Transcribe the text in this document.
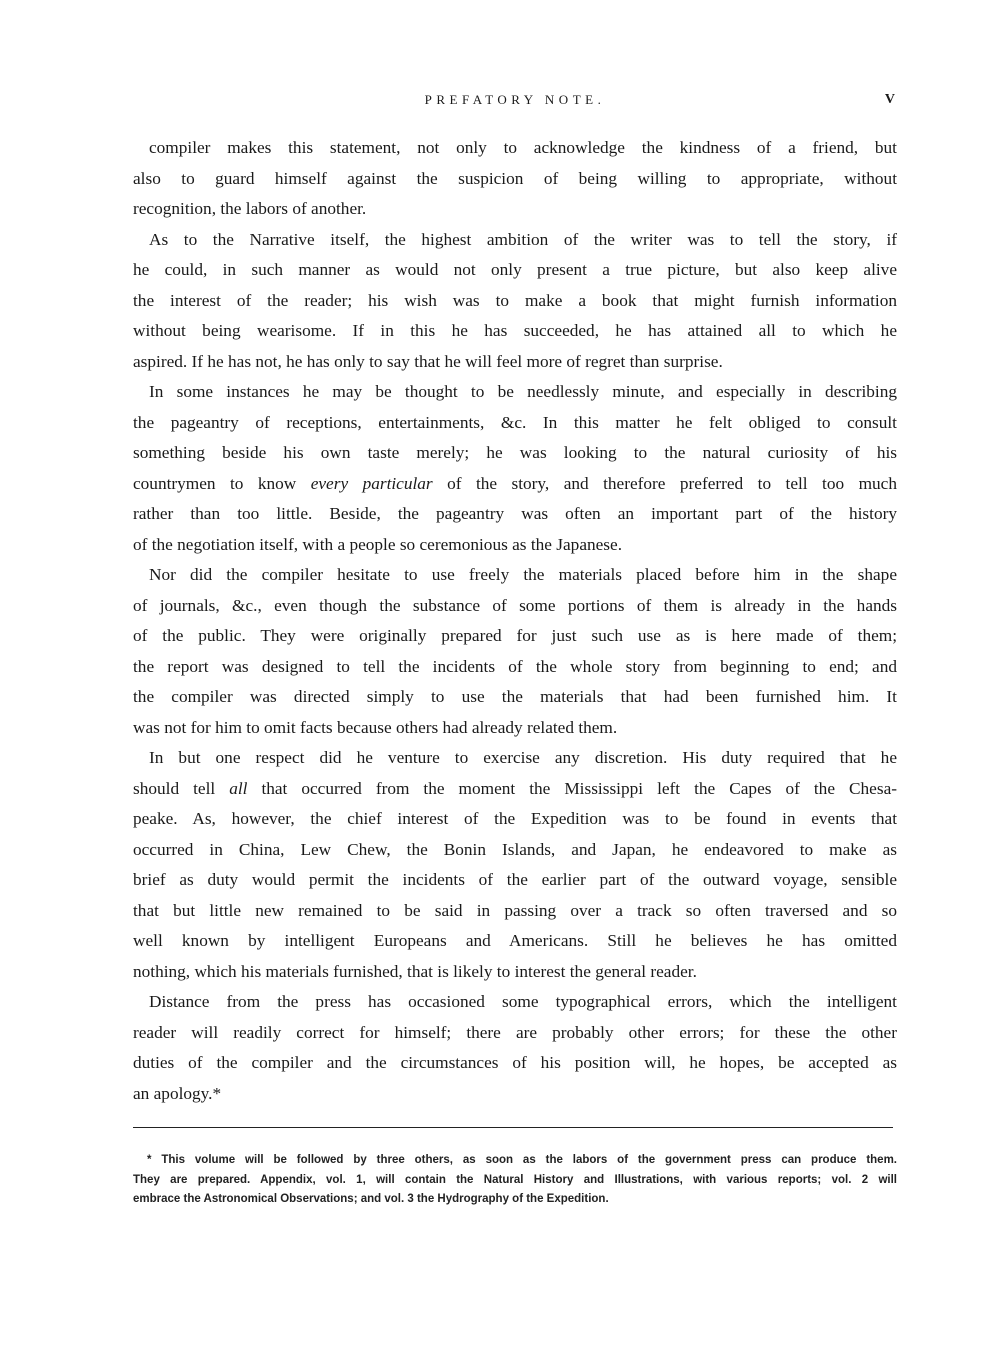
PREFATORY NOTE.	V
compiler makes this statement, not only to acknowledge the kindness of a friend, but
also to guard himself against the suspicion of being willing to appropriate, without
recognition, the labors of another.
As to the Narrative itself, the highest ambition of the writer was to tell the story, if
he could, in such manner as would not only present a true picture, but also keep alive
the interest of the reader; his wish was to make a book that might furnish information
without being wearisome. If in this he has succeeded, he has attained all to which he
aspired. If he has not, he has only to say that he will feel more of regret than surprise.
In some instances he may be thought to be needlessly minute, and especially in describing
the pageantry of receptions, entertainments, &c. In this matter he felt obliged to consult
something beside his own taste merely; he was looking to the natural curiosity of his
countrymen to know every particular of the story, and therefore preferred to tell too much
rather than too little. Beside, the pageantry was often an important part of the history
of the negotiation itself, with a people so ceremonious as the Japanese.
Nor did the compiler hesitate to use freely the materials placed before him in the shape
of journals, &c., even though the substance of some portions of them is already in the hands
of the public. They were originally prepared for just such use as is here made of them;
the report was designed to tell the incidents of the whole story from beginning to end; and
the compiler was directed simply to use the materials that had been furnished him. It
was not for him to omit facts because others had already related them.
In but one respect did he venture to exercise any discretion. His duty required that he
should tell all that occurred from the moment the Mississippi left the Capes of the Chesa-
peake. As, however, the chief interest of the Expedition was to be found in events that
occurred in China, Lew Chew, the Bonin Islands, and Japan, he endeavored to make as
brief as duty would permit the incidents of the earlier part of the outward voyage, sensible
that but little new remained to be said in passing over a track so often traversed and so
well known by intelligent Europeans and Americans. Still he believes he has omitted
nothing, which his materials furnished, that is likely to interest the general reader.
Distance from the press has occasioned some typographical errors, which the intelligent
reader will readily correct for himself; there are probably other errors; for these the other
duties of the compiler and the circumstances of his position will, he hopes, be accepted as
an apology.*
* This volume will be followed by three others, as soon as the labors of the government press can produce them.
They are prepared. Appendix, vol. 1, will contain the Natural History and Illustrations, with various reports; vol. 2 will
embrace the Astronomical Observations; and vol. 3 the Hydrography of the Expedition.
